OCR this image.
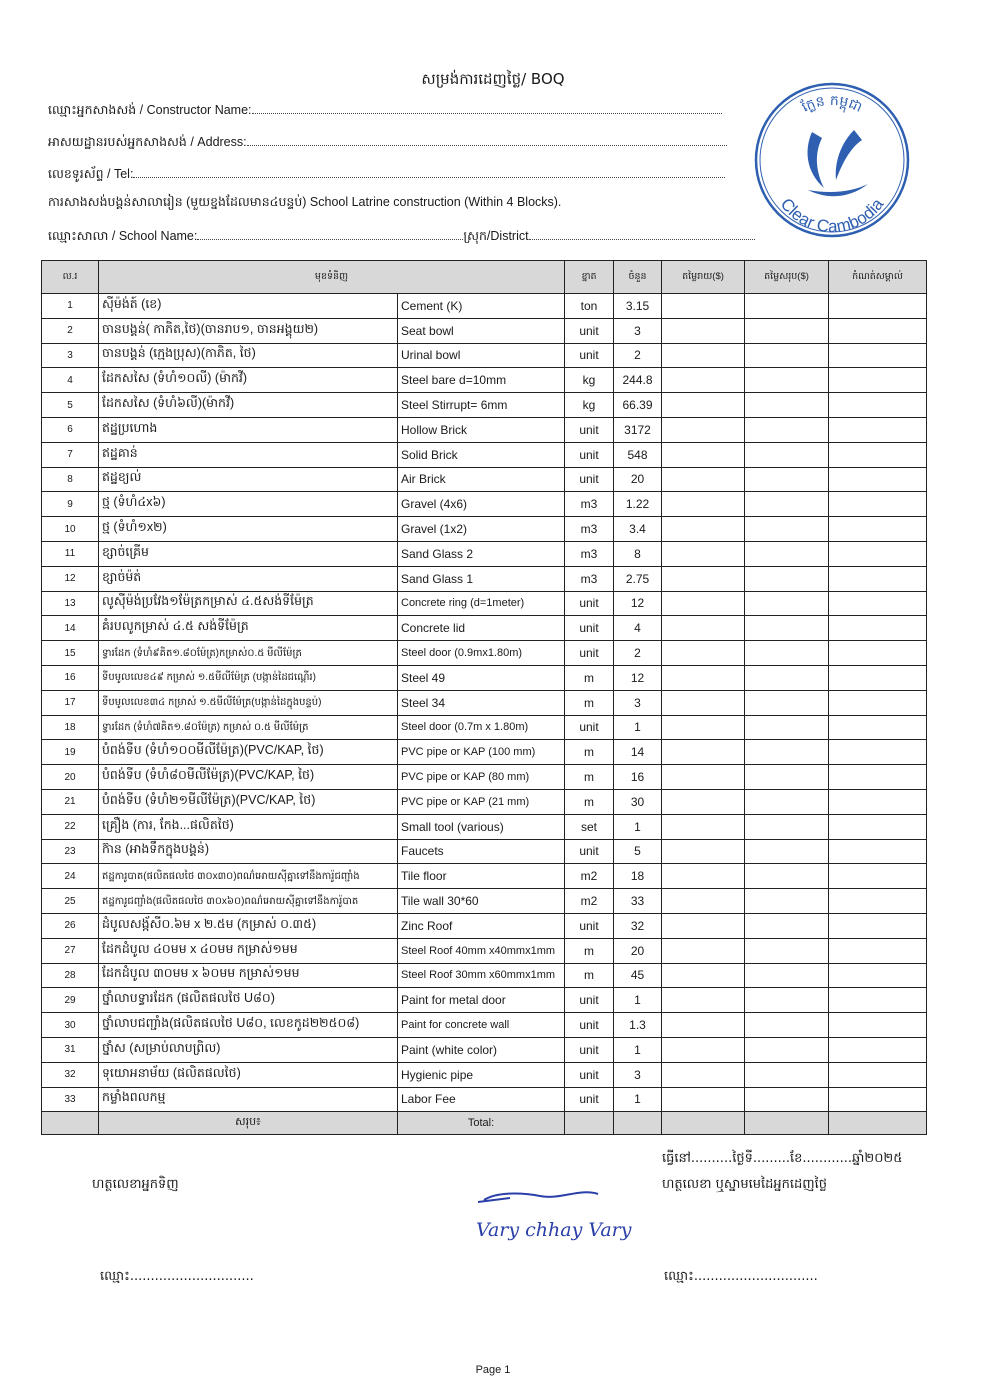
សម្រង់ការដេញថ្លៃ/ BOQ
ឈ្មោះអ្នកសាងសង់ / Constructor Name:
អាសយដ្ឋានរបស់អ្នកសាងសង់ / Address:
លេខទូរស័ព្ទ / Tel:
ការសាងសង់បង្គន់សាលារៀន (មួយខ្នងដែលមាន៤បន្ទប់) School Latrine construction (Within 4 Blocks).
ឈ្មោះសាលា / School Name:	ស្រុក/District
ក្លែន កម្ពុជា
Clear Cambodia
ល.រ	មុខទំនិញ		ខ្នាត	ចំនួន	តម្លៃរាយ($)	តម្លៃសរុប($)	កំណត់សម្គាល់
1	ស៊ីម៉ង់ត៍ (ខេ)	Cement (K)	ton	3.15			
2	ចានបង្គន់( កាភិត,ថៃ)(ចានរាប១, ចានអង្គុយ២)	Seat bowl	unit	3			
3	ចានបង្គន់ (ក្មេងប្រុស)(កាភិត, ថៃ)	Urinal bowl	unit	2			
4	ដែកសសៃ (ទំហំ១០លី) (ម៉ាកវី)	Steel bare d=10mm	kg	244.8			
5	ដែកសសៃ (ទំហំ៦លី)(ម៉ាកវី)	Steel Stirrupt= 6mm	kg	66.39			
6	ឥដ្ឋប្រហោង	Hollow Brick	unit	3172			
7	ឥដ្ឋគាន់	Solid Brick	unit	548			
8	ឥដ្ឋខ្យល់	Air Brick	unit	20			
9	ថ្ម (ទំហំ៤x៦)	Gravel (4x6)	m3	1.22			
10	ថ្ម (ទំហំ១x២)	Gravel (1x2)	m3	3.4			
11	ខ្សាច់គ្រើម	Sand Glass 2	m3	8			
12	ខ្សាច់ម៉ត់	Sand Glass 1	m3	2.75			
13	លូស៊ីម៉ង់ប្រវែង១ម៉ែត្រកម្រាស់ ៤.៥សង់ទីម៉ែត្រ	Concrete ring (d=1meter)	unit	12			
14	គំរបលូកម្រាស់ ៤.៥ សង់ទីម៉ែត្រ	Concrete lid	unit	4			
15	ទ្វារដែក (ទំហំ៩គិត១.៨០ម៉ែត្រ)កម្រាស់០.៥ មីលីម៉ែត្រ	Steel door (0.9mx1.80m)	unit	2			
16	ទីបមូលលេខ៤៩ កម្រាស់ ១.៥មីលីម៉ែត្រ (បង្កាន់ដៃជណ្តើរ)	Steel 49	m	12			
17	ទីបមូលលេខ៣៤ កម្រាស់ ១.៥មីលីម៉ែត្រ(បង្កាន់ដៃក្នុងបន្ទប់)	Steel 34	m	3			
18	ទ្វារដែក (ទំហំ៧គិត១.៨០ម៉ែត្រ) កម្រាស់ ០.៥ មីលីម៉ែត្រ	Steel door (0.7m x 1.80m)	unit	1			
19	បំពង់ទីប (ទំហំ១០០មីលីម៉ែត្រ)(PVC/KAP, ថៃ)	PVC pipe or KAP (100 mm)	m	14			
20	បំពង់ទីប (ទំហំ៨០មីលីម៉ែត្រ)(PVC/KAP, ថៃ)	PVC pipe or KAP (80 mm)	m	16			
21	បំពង់ទីប (ទំហំ២១មីលីម៉ែត្រ)(PVC/KAP, ថៃ)	PVC pipe or KAP (21 mm)	m	30			
22	គ្រឿង (ការ, កែង...ផលិតថៃ)	Small tool (various)	set	1			
23	ក៊ាន (អាងទឹកក្នុងបង្គន់)	Faucets	unit	5			
24	ឥដ្ឋការូបាត(ផលិតផលថៃ ៣០x៣០)ពណ៌អោយស៊ីគ្នាទៅនឹងការ៉ូជញ្ជាំង	Tile floor	m2	18			
25	ឥដ្ឋការូជញ្ជាំង(ផលិតផលថៃ ៣០x៦០)ពណ៌អោយស៊ីគ្នាទៅនឹងការ៉ូបាត	Tile wall 30*60	m2	33			
26	ដំបូលសង្ក័សី០.៦ម x ២.៥ម (កម្រាស់ ០.៣៥)	Zinc Roof	unit	32			
27	ដែកដំបូល ៤០មម x ៤០មម កម្រាស់១មម	Steel Roof 40mm x40mmx1mm	m	20			
28	ដែកដំបូល ៣០មម x ៦០មម កម្រាស់១មម	Steel Roof 30mm x60mmx1mm	m	45			
29	ថ្នាំលាបទ្វារដែក (ផលិតផលថៃ U៨០)	Paint for metal door	unit	1			
30	ថ្នាំលាបជញ្ជាំង(ផលិតផលថៃ U៨០, លេខកូដ២២៥០៨)	Paint for concrete wall	unit	1.3			
31	ថ្នាំស (សម្រាប់លាបព្រិល)	Paint (white color)	unit	1			
32	ទុយោអនាម័យ (ផលិតផលថៃ)	Hygienic pipe	unit	3			
33	កម្លាំងពលកម្ម	Labor Fee	unit	1			
	សរុប៖	Total:					
ធ្វើនៅ..........ថ្ងៃទី.........ខែ............ឆ្នាំ២០២៥
ហត្ថលេខាអ្នកទិញ	ហត្ថលេខា ឬស្នាមមេដៃអ្នកដេញថ្លៃ
Vary chhay Vary
ឈ្មោះ..............................	ឈ្មោះ..............................
Page 1
